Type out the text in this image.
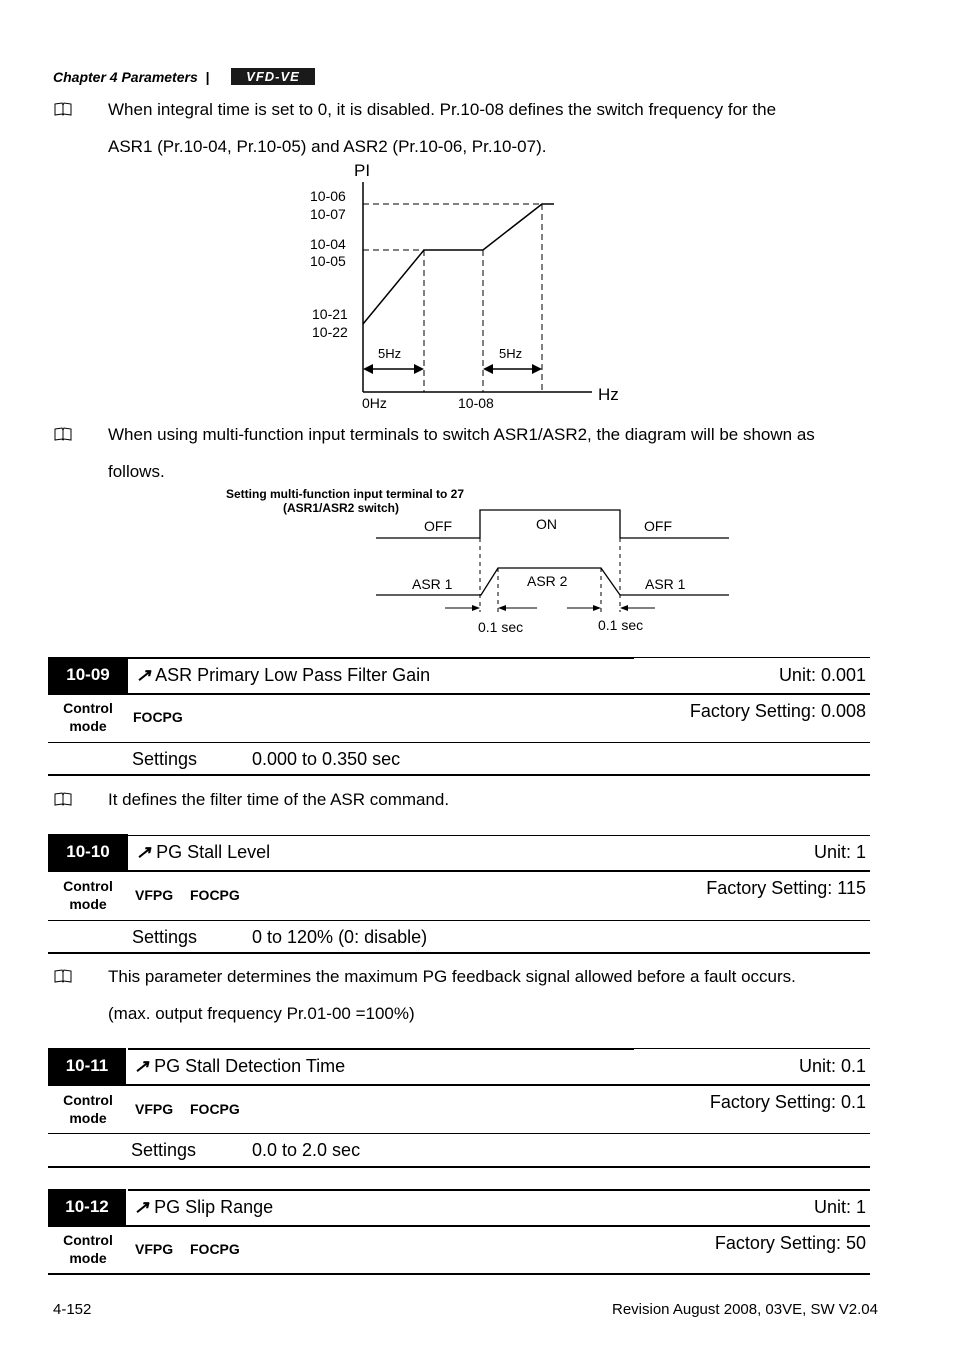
Chapter 4 Parameters |	VFD-VE
When integral time is set to 0, it is disabled. Pr.10-08 defines the switch frequency for the
ASR1 (Pr.10-04, Pr.10-05) and ASR2 (Pr.10-06, Pr.10-07).
PI
Hz
10-06
10-07
10-04
10-05
10-21
10-22
5Hz	5Hz
0Hz	10-08
When using multi-function input terminals to switch ASR1/ASR2, the diagram will be shown as
follows.
Setting multi-function input terminal to 27
(ASR1/ASR2 switch)
OFF	ON	OFF
ASR 1	ASR 2	ASR 1
0.1 sec	0.1 sec
10-09	↗ ASR Primary Low Pass Filter Gain	Unit: 0.001
Control
mode
FOCPG	Factory Setting: 0.008
Settings	0.000 to 0.350 sec
It defines the filter time of the ASR command.
10-10	↗ PG Stall Level	Unit: 1
Control
mode
VFPG FOCPG	Factory Setting: 115
Settings	0 to 120% (0: disable)
This parameter determines the maximum PG feedback signal allowed before a fault occurs.
(max. output frequency Pr.01-00 =100%)
10-11	↗ PG Stall Detection Time	Unit: 0.1
Control
mode
VFPG FOCPG	Factory Setting: 0.1
Settings	0.0 to 2.0 sec
10-12	↗ PG Slip Range	Unit: 1
Control
mode
VFPG FOCPG	Factory Setting: 50
4-152	Revision August 2008, 03VE, SW V2.04
